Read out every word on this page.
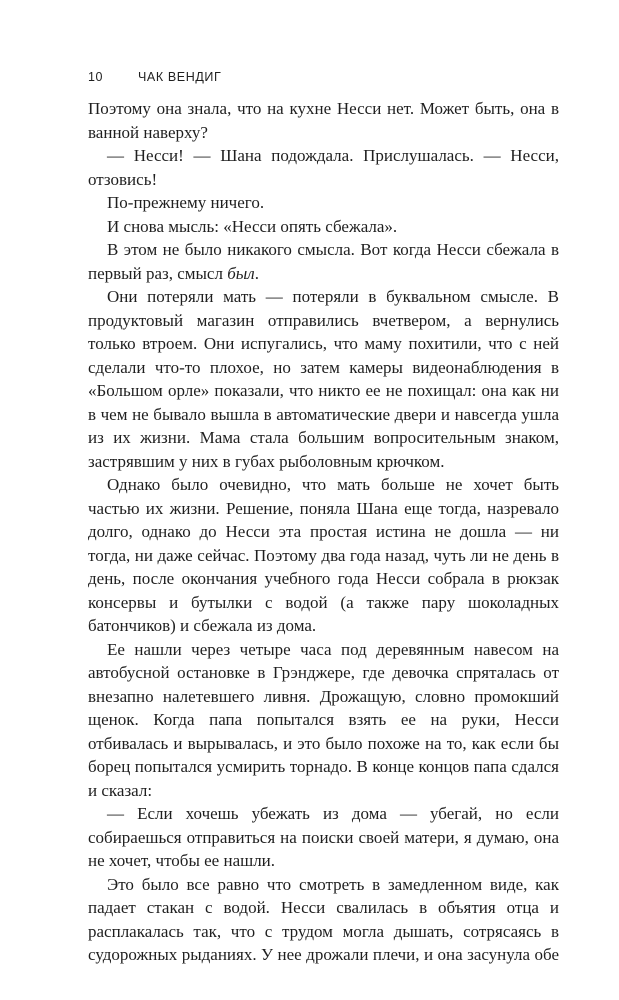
10	ЧАК ВЕНДИГ

Поэтому она знала, что на кухне Несси нет. Может быть, она в ванной наверху?

— Несси! — Шана подождала. Прислушалась. — Несси, отзовись!

По-прежнему ничего.

И снова мысль: «Несси опять сбежала».

В этом не было никакого смысла. Вот когда Несси сбежала в первый раз, смысл был.

Они потеряли мать — потеряли в буквальном смысле. В продуктовый магазин отправились вчетвером, а вернулись только втроем. Они испугались, что маму похитили, что с ней сделали что-то плохое, но затем камеры видеонаблюдения в «Большом орле» показали, что никто ее не похищал: она как ни в чем не бывало вышла в автоматические двери и навсегда ушла из их жизни. Мама стала большим вопросительным знаком, застрявшим у них в губах рыболовным крючком.

Однако было очевидно, что мать больше не хочет быть частью их жизни. Решение, поняла Шана еще тогда, назревало долго, однако до Несси эта простая истина не дошла — ни тогда, ни даже сейчас. Поэтому два года назад, чуть ли не день в день, после окончания учебного года Несси собрала в рюкзак консервы и бутылки с водой (а также пару шоколадных батончиков) и сбежала из дома.

Ее нашли через четыре часа под деревянным навесом на автобусной остановке в Грэнджере, где девочка спряталась от внезапно налетевшего ливня. Дрожащую, словно промокший щенок. Когда папа попытался взять ее на руки, Несси отбивалась и вырывалась, и это было похоже на то, как если бы борец попытался усмирить торнадо. В конце концов папа сдался и сказал:

— Если хочешь убежать из дома — убегай, но если собираешься отправиться на поиски своей матери, я думаю, она не хочет, чтобы ее нашли.

Это было все равно что смотреть в замедленном виде, как падает стакан с водой. Несси свалилась в объятия отца и расплакалась так, что с трудом могла дышать, сотрясаясь в судорожных рыданиях. У нее дрожали плечи, и она засунула обе
